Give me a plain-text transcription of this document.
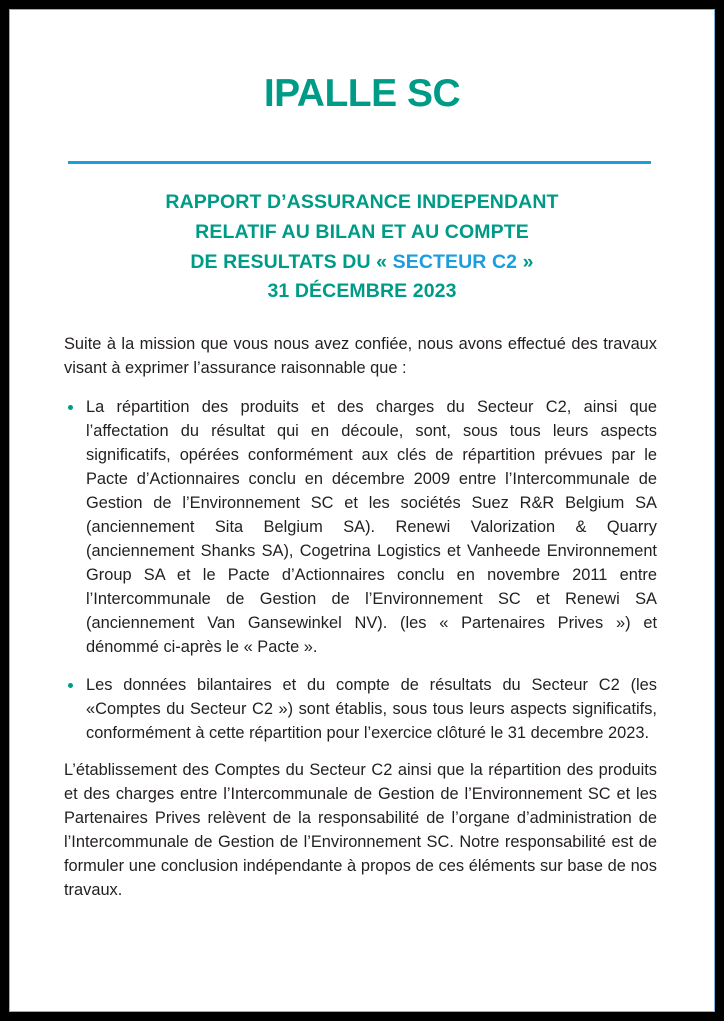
IPALLE SC
RAPPORT D’ASSURANCE INDEPENDANT
RELATIF AU BILAN ET AU COMPTE
DE RESULTATS DU « SECTEUR C2 »
31 DÉCEMBRE 2023

Suite à la mission que vous nous avez confiée, nous avons effectué des travaux visant à exprimer l’assurance raisonnable que :

La répartition des produits et des charges du Secteur C2, ainsi que l’affectation du résultat qui en découle, sont, sous tous leurs aspects significatifs, opérées conformément aux clés de répartition prévues par le Pacte d’Actionnaires conclu en décembre 2009 entre l’Intercommunale de Gestion de l’Environnement SC et les sociétés Suez R&R Belgium SA (anciennement Sita Belgium SA). Renewi Valorization & Quarry (anciennement Shanks SA), Cogetrina Logistics et Vanheede Environnement Group SA et le Pacte d’Actionnaires conclu en novembre 2011 entre l’Intercommunale de Gestion de l’Environnement SC et Renewi SA (anciennement Van Gansewinkel NV). (les « Partenaires Prives ») et dénommé ci-après le « Pacte ».
Les données bilantaires et du compte de résultats du Secteur C2 (les «Comptes du Secteur C2 ») sont établis, sous tous leurs aspects significatifs, conformément à cette répartition pour l’exercice clôturé le 31 decembre 2023.

L’établissement des Comptes du Secteur C2 ainsi que la répartition des produits et des charges entre l’Intercommunale de Gestion de l’Environnement SC et les Partenaires Prives relèvent de la responsabilité de l’organe d’administration de l’Intercommunale de Gestion de l’Environnement SC. Notre responsabilité est de formuler une conclusion indépendante à propos de ces éléments sur base de nos travaux.
